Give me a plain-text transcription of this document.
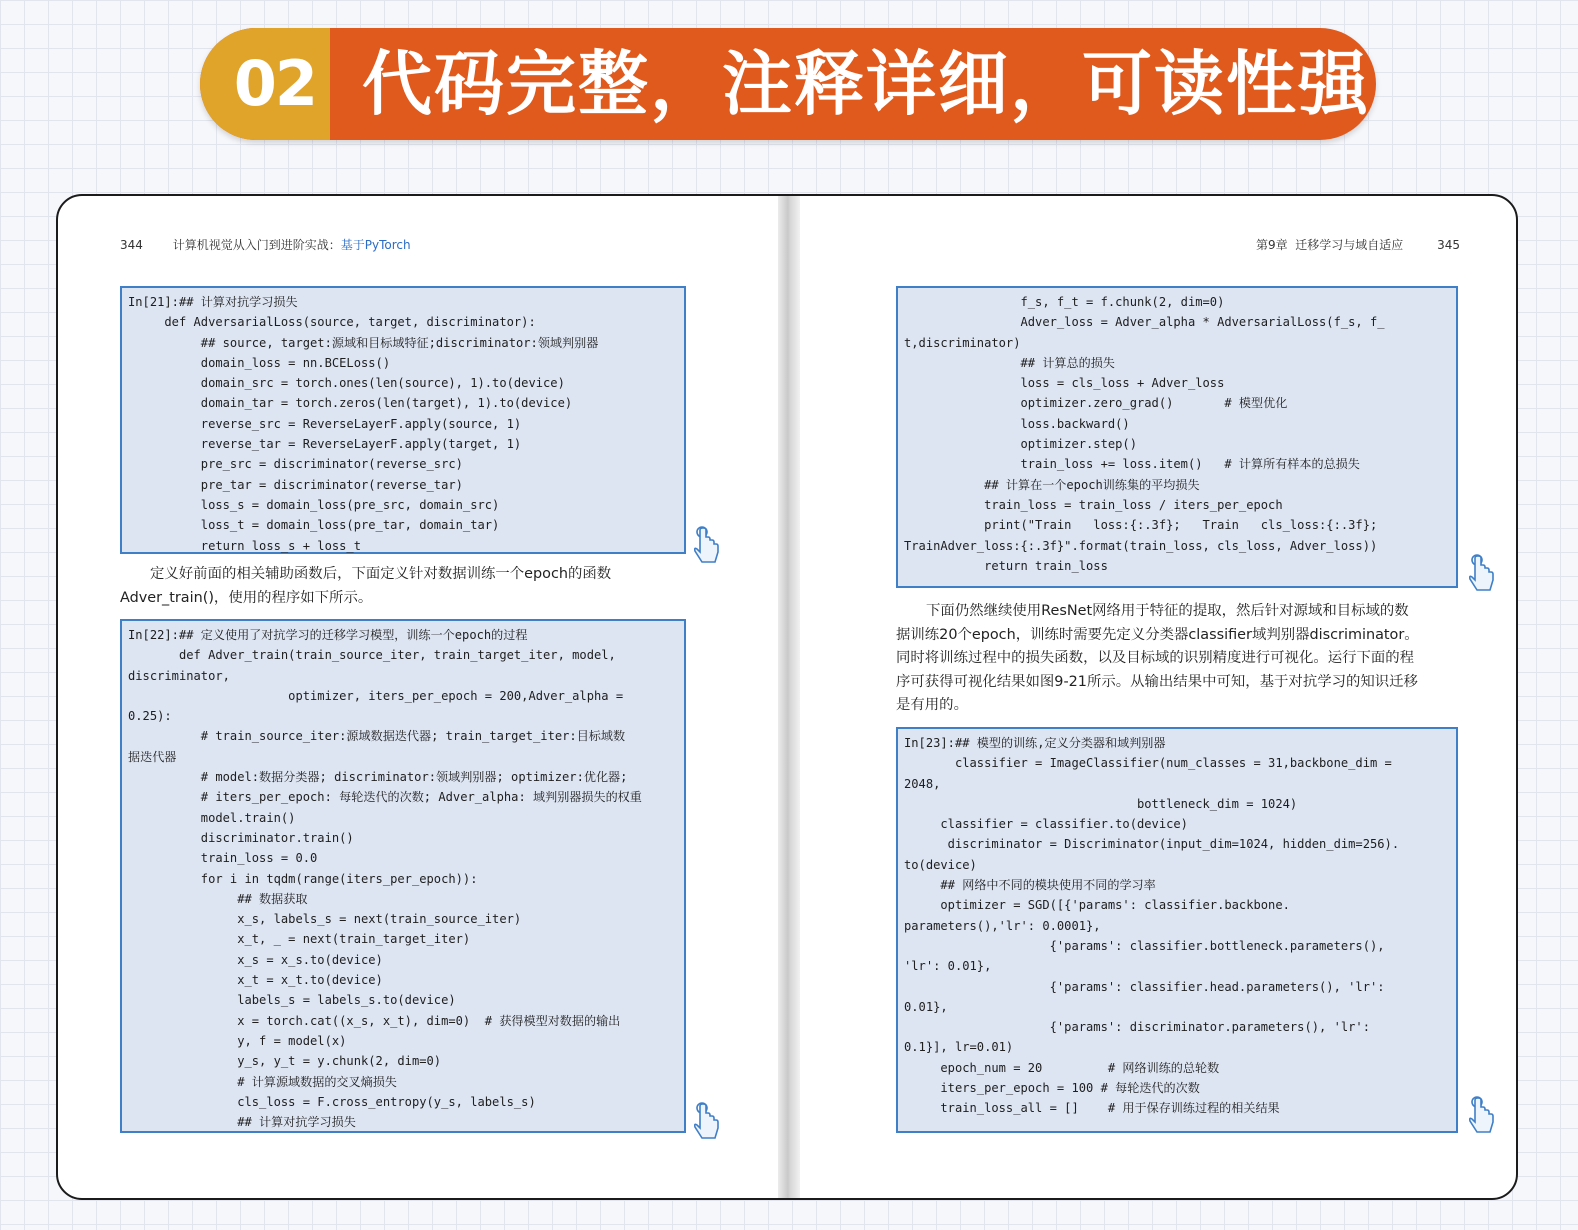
02 代码完整，注释详细，可读性强
344 计算机视觉从入门到进阶实战：基于PyTorch
In[21]:## 计算对抗学习损失
def AdversarialLoss(source, target, discriminator):
## source, target:源域和目标域特征;discriminator:领域判别器
domain_loss = nn.BCELoss()
domain_src = torch.ones(len(source), 1).to(device)
domain_tar = torch.zeros(len(target), 1).to(device)
reverse_src = ReverseLayerF.apply(source, 1)
reverse_tar = ReverseLayerF.apply(target, 1)
pre_src = discriminator(reverse_src)
pre_tar = discriminator(reverse_tar)
loss_s = domain_loss(pre_src, domain_src)
loss_t = domain_loss(pre_tar, domain_tar)
return loss_s + loss_t
定义好前面的相关辅助函数后，下面定义针对数据训练一个epoch的函数
Adver_train()，使用的程序如下所示。
In[22]:## 定义使用了对抗学习的迁移学习模型，训练一个epoch的过程
def Adver_train(train_source_iter, train_target_iter, model,
discriminator,
optimizer, iters_per_epoch = 200,Adver_alpha =
0.25):
# train_source_iter:源域数据迭代器; train_target_iter:目标域数
据迭代器
# model:数据分类器; discriminator:领域判别器; optimizer:优化器;
# iters_per_epoch: 每轮迭代的次数; Adver_alpha: 域判别器损失的权重
model.train()
discriminator.train()
train_loss = 0.0
for i in tqdm(range(iters_per_epoch)):
## 数据获取
x_s, labels_s = next(train_source_iter)
x_t, _ = next(train_target_iter)
x_s = x_s.to(device)
x_t = x_t.to(device)
labels_s = labels_s.to(device)
x = torch.cat((x_s, x_t), dim=0)  # 获得模型对数据的输出
y, f = model(x)
y_s, y_t = y.chunk(2, dim=0)
# 计算源域数据的交叉熵损失
cls_loss = F.cross_entropy(y_s, labels_s)
## 计算对抗学习损失
第9章 迁移学习与域自适应	345
f_s, f_t = f.chunk(2, dim=0)
Adver_loss = Adver_alpha * AdversarialLoss(f_s, f_
t,discriminator)
## 计算总的损失
loss = cls_loss + Adver_loss
optimizer.zero_grad()       # 模型优化
loss.backward()
optimizer.step()
train_loss += loss.item()   # 计算所有样本的总损失
## 计算在一个epoch训练集的平均损失
train_loss = train_loss / iters_per_epoch
print("Train   loss:{:.3f};   Train   cls_loss:{:.3f};
TrainAdver_loss:{:.3f}".format(train_loss, cls_loss, Adver_loss))
return train_loss
下面仍然继续使用ResNet网络用于特征的提取，然后针对源域和目标域的数
据训练20个epoch，训练时需要先定义分类器classifier域判别器discriminator。
同时将训练过程中的损失函数，以及目标域的识别精度进行可视化。运行下面的程
序可获得可视化结果如图9-21所示。从输出结果中可知，基于对抗学习的知识迁移
是有用的。
In[23]:## 模型的训练,定义分类器和域判别器
classifier = ImageClassifier(num_classes = 31,backbone_dim =
2048,
bottleneck_dim = 1024)
classifier = classifier.to(device)
discriminator = Discriminator(input_dim=1024, hidden_dim=256).
to(device)
## 网络中不同的模块使用不同的学习率
optimizer = SGD([{'params': classifier.backbone.
parameters(),'lr': 0.0001},
{'params': classifier.bottleneck.parameters(),
'lr': 0.01},
{'params': classifier.head.parameters(), 'lr':
0.01},
{'params': discriminator.parameters(), 'lr':
0.1}], lr=0.01)
epoch_num = 20         # 网络训练的总轮数
iters_per_epoch = 100 # 每轮迭代的次数
train_loss_all = []    # 用于保存训练过程的相关结果
